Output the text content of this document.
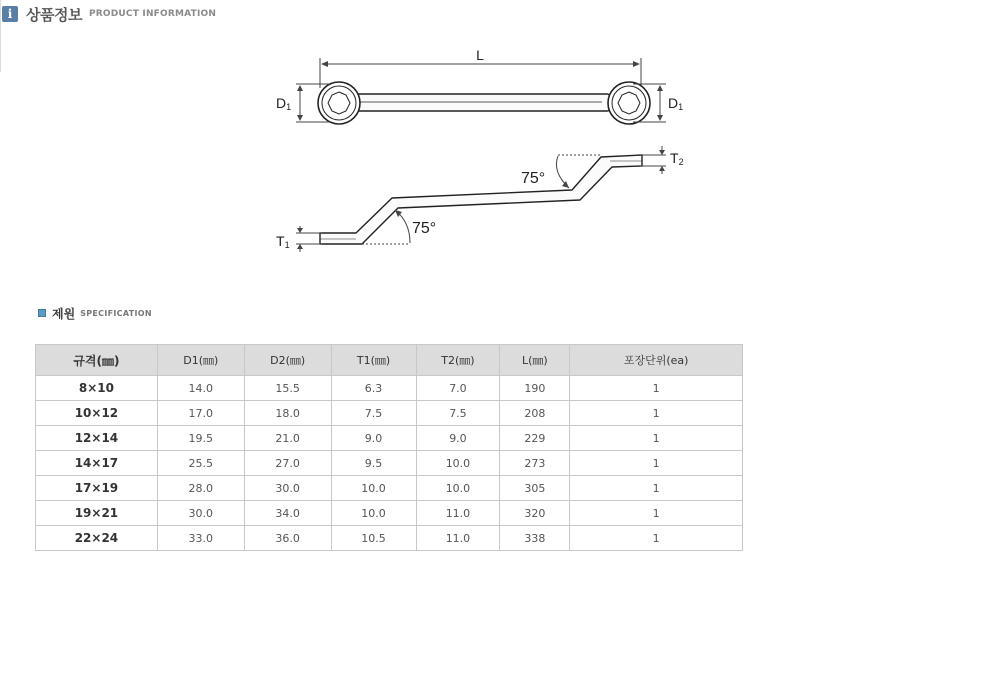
i 상품정보 PRODUCT INFORMATION
L
D1	D1
T1
T2
75°
75°
제원 SPECIFICATION
규격(㎜)	D1(㎜)	D2(㎜)	T1(㎜)	T2(㎜)	L(㎜)	포장단위(ea)
8×10	14.0	15.5	6.3	7.0	190	1
10×12	17.0	18.0	7.5	7.5	208	1
12×14	19.5	21.0	9.0	9.0	229	1
14×17	25.5	27.0	9.5	10.0	273	1
17×19	28.0	30.0	10.0	10.0	305	1
19×21	30.0	34.0	10.0	11.0	320	1
22×24	33.0	36.0	10.5	11.0	338	1
